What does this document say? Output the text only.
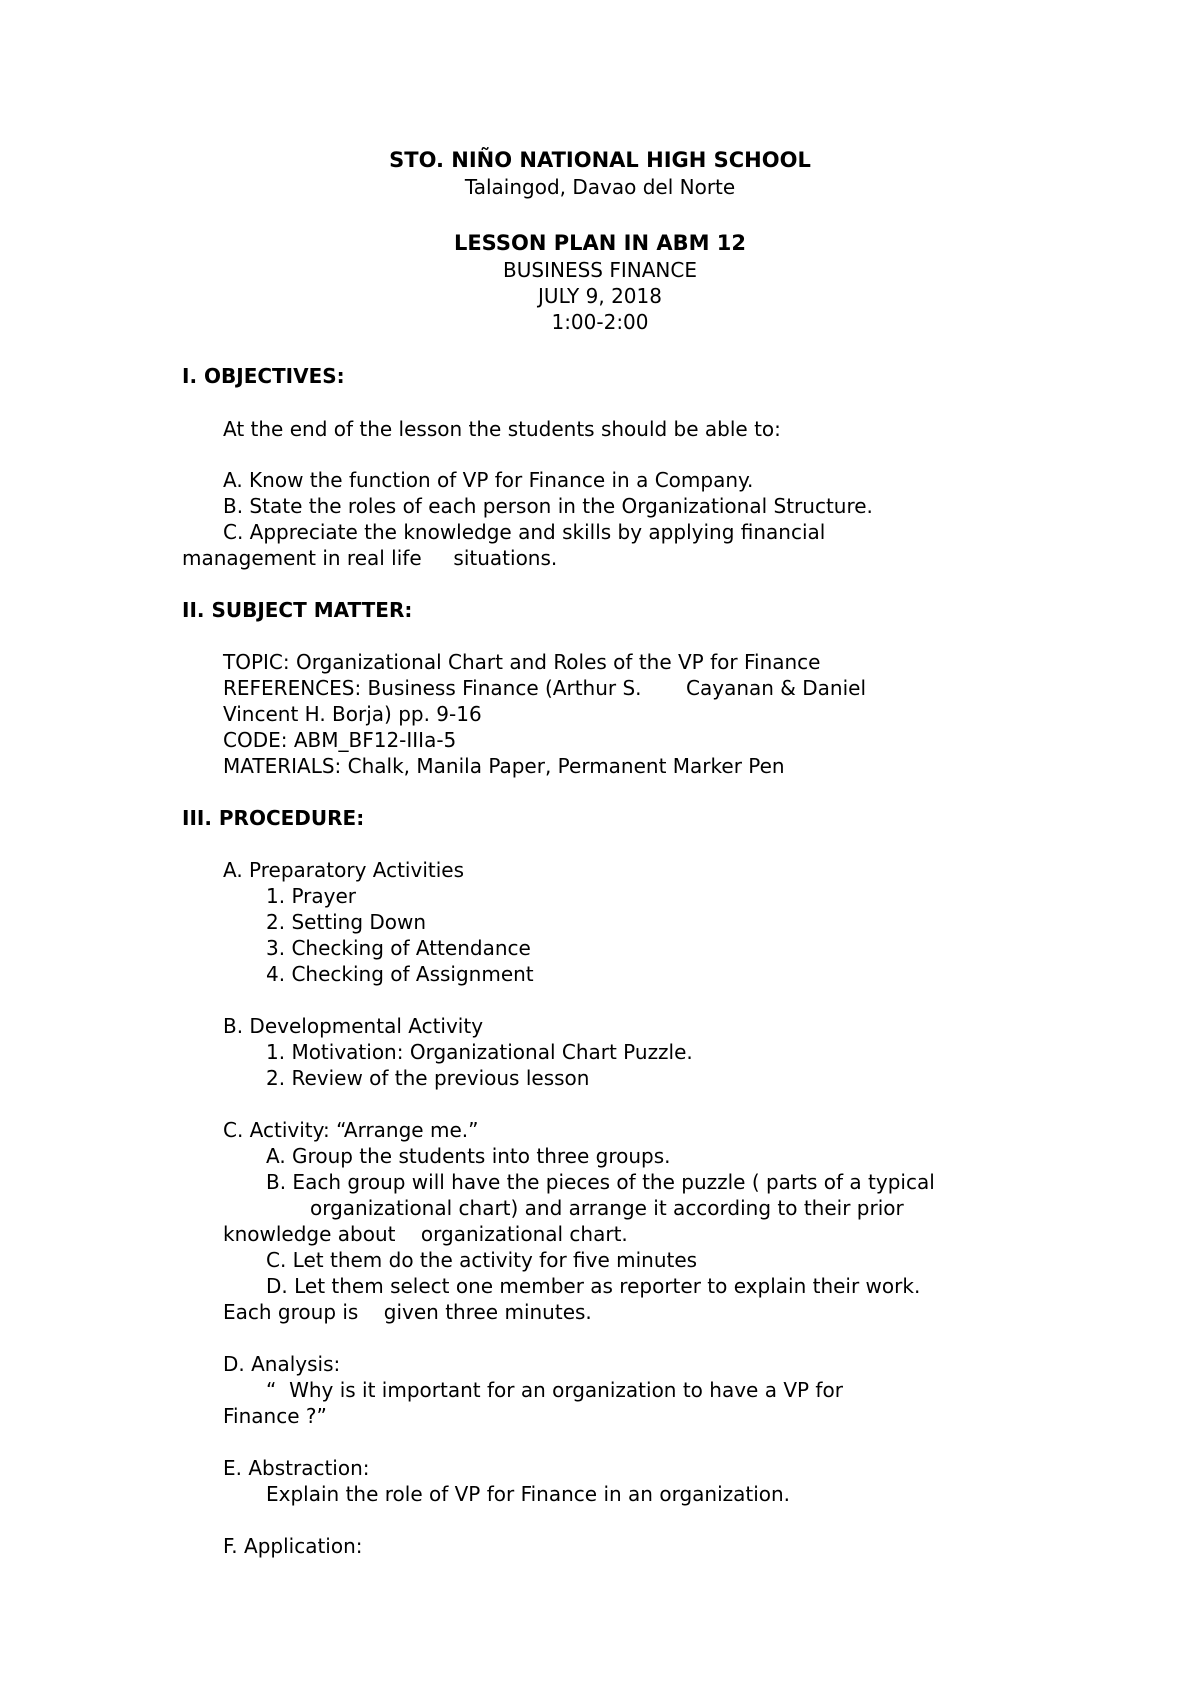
STO. NIÑO NATIONAL HIGH SCHOOL
Talaingod, Davao del Norte
LESSON PLAN IN ABM 12
BUSINESS FINANCE
JULY 9, 2018
1:00-2:00
I. OBJECTIVES:
At the end of the lesson the students should be able to:
A. Know the function of VP for Finance in a Company.
B. State the roles of each person in the Organizational Structure.
C. Appreciate the knowledge and skills by applying financial
management in real life     situations.
II. SUBJECT MATTER:
TOPIC: Organizational Chart and Roles of the VP for Finance
REFERENCES: Business Finance (Arthur S.       Cayanan & Daniel
Vincent H. Borja) pp. 9-16
CODE: ABM_BF12-IIIa-5
MATERIALS: Chalk, Manila Paper, Permanent Marker Pen
III. PROCEDURE:
A. Preparatory Activities
1. Prayer
2. Setting Down
3. Checking of Attendance
4. Checking of Assignment
B. Developmental Activity
1. Motivation: Organizational Chart Puzzle.
2. Review of the previous lesson
C. Activity: “Arrange me.”
A. Group the students into three groups.
B. Each group will have the pieces of the puzzle ( parts of a typical
organizational chart) and arrange it according to their prior
knowledge about    organizational chart.
C. Let them do the activity for five minutes
D. Let them select one member as reporter to explain their work.
Each group is    given three minutes.
D. Analysis:
“  Why is it important for an organization to have a VP for
Finance ?”
E. Abstraction:
Explain the role of VP for Finance in an organization.
F. Application:
